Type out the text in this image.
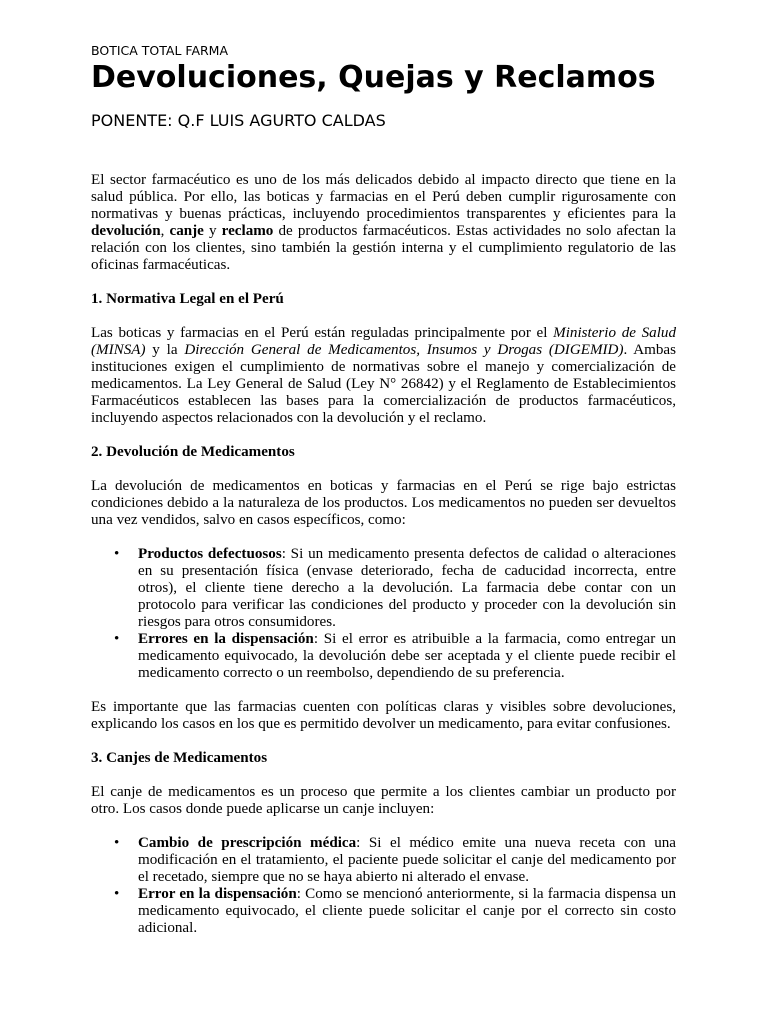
BOTICA TOTAL FARMA

Devoluciones, Quejas y Reclamos

PONENTE: Q.F LUIS AGURTO CALDAS

El sector farmacéutico es uno de los más delicados debido al impacto directo que tiene en la salud pública. Por ello, las boticas y farmacias en el Perú deben cumplir rigurosamente con normativas y buenas prácticas, incluyendo procedimientos transparentes y eficientes para la devolución, canje y reclamo de productos farmacéuticos. Estas actividades no solo afectan la relación con los clientes, sino también la gestión interna y el cumplimiento regulatorio de las oficinas farmacéuticas.

1. Normativa Legal en el Perú

Las boticas y farmacias en el Perú están reguladas principalmente por el Ministerio de Salud (MINSA) y la Dirección General de Medicamentos, Insumos y Drogas (DIGEMID). Ambas instituciones exigen el cumplimiento de normativas sobre el manejo y comercialización de medicamentos. La Ley General de Salud (Ley N° 26842) y el Reglamento de Establecimientos Farmacéuticos establecen las bases para la comercialización de productos farmacéuticos, incluyendo aspectos relacionados con la devolución y el reclamo.

2. Devolución de Medicamentos

La devolución de medicamentos en boticas y farmacias en el Perú se rige bajo estrictas condiciones debido a la naturaleza de los productos. Los medicamentos no pueden ser devueltos una vez vendidos, salvo en casos específicos, como:

• Productos defectuosos: Si un medicamento presenta defectos de calidad o alteraciones en su presentación física (envase deteriorado, fecha de caducidad incorrecta, entre otros), el cliente tiene derecho a la devolución. La farmacia debe contar con un protocolo para verificar las condiciones del producto y proceder con la devolución sin riesgos para otros consumidores.
• Errores en la dispensación: Si el error es atribuible a la farmacia, como entregar un medicamento equivocado, la devolución debe ser aceptada y el cliente puede recibir el medicamento correcto o un reembolso, dependiendo de su preferencia.

Es importante que las farmacias cuenten con políticas claras y visibles sobre devoluciones, explicando los casos en los que es permitido devolver un medicamento, para evitar confusiones.

3. Canjes de Medicamentos

El canje de medicamentos es un proceso que permite a los clientes cambiar un producto por otro. Los casos donde puede aplicarse un canje incluyen:

• Cambio de prescripción médica: Si el médico emite una nueva receta con una modificación en el tratamiento, el paciente puede solicitar el canje del medicamento por el recetado, siempre que no se haya abierto ni alterado el envase.
• Error en la dispensación: Como se mencionó anteriormente, si la farmacia dispensa un medicamento equivocado, el cliente puede solicitar el canje por el correcto sin costo adicional.
